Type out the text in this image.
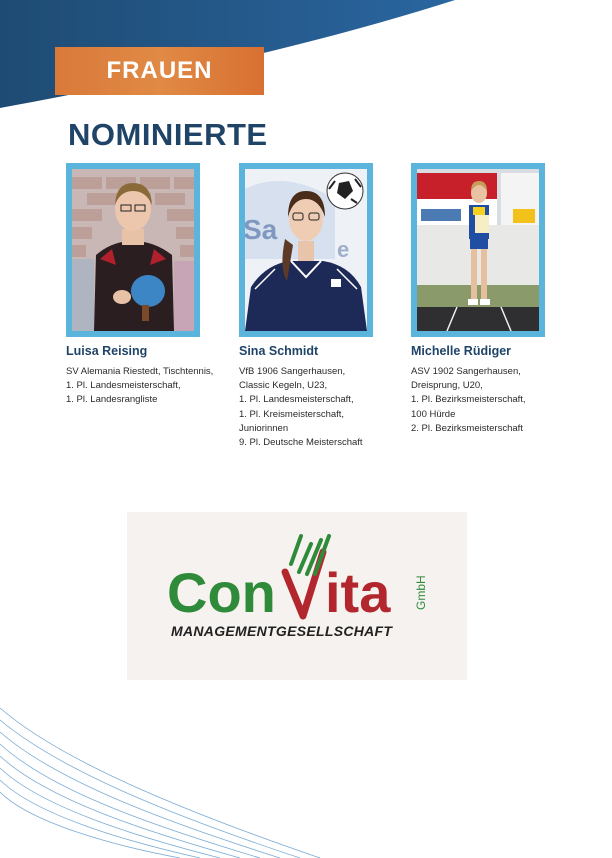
FRAUEN
NOMINIERTE
Luisa Reising
SV Alemania Riestedt, Tischtennis,
1. Pl. Landesmeisterschaft,
1. Pl. Landesrangliste
Sa
e
Sina Schmidt
VfB 1906 Sangerhausen,
Classic Kegeln, U23,
1. Pl. Landesmeisterschaft,
1. Pl. Kreismeisterschaft,
Juniorinnen
9. Pl. Deutsche Meisterschaft
Michelle Rüdiger
ASV 1902 Sangerhausen,
Dreisprung, U20,
1. Pl. Bezirksmeisterschaft,
100 Hürde
2. Pl. Bezirksmeisterschaft
Con ita GmbH
MANAGEMENTGESELLSCHAFT
